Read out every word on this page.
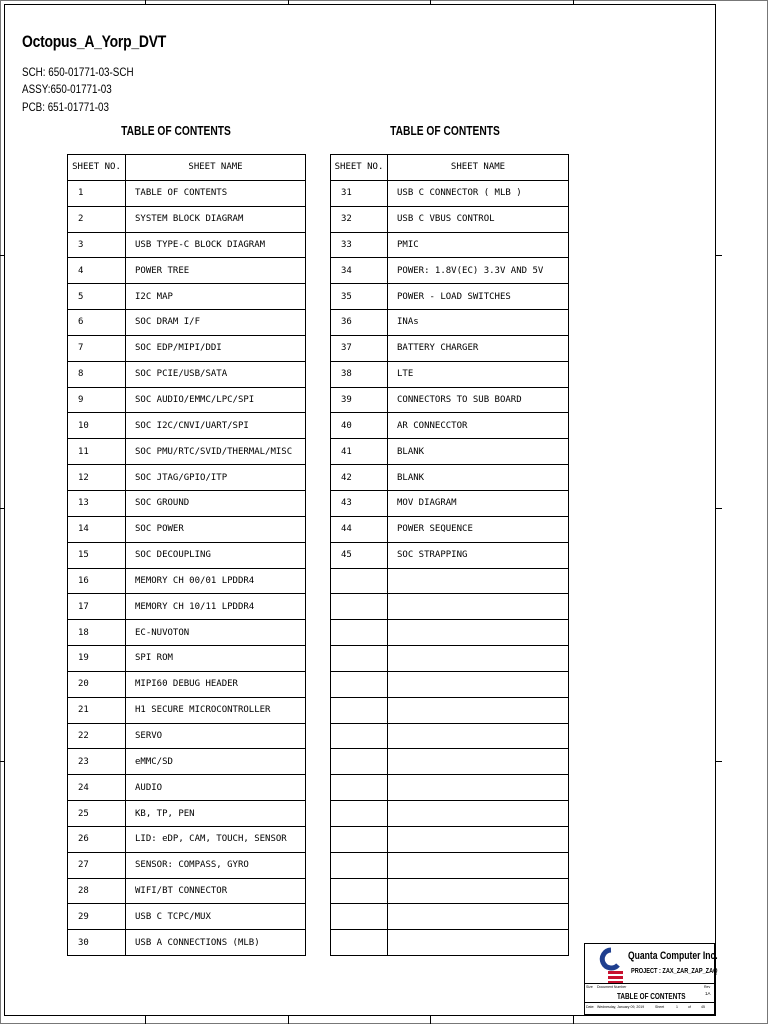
Octopus_A_Yorp_DVT
SCH: 650-01771-03-SCH
ASSY:650-01771-03
PCB: 651-01771-03
TABLE OF CONTENTS	TABLE OF CONTENTS
SHEET NO.	SHEET NAME
1	TABLE OF CONTENTS
2	SYSTEM BLOCK DIAGRAM
3	USB TYPE-C BLOCK DIAGRAM
4	POWER TREE
5	I2C MAP
6	SOC DRAM I/F
7	SOC EDP/MIPI/DDI
8	SOC PCIE/USB/SATA
9	SOC AUDIO/EMMC/LPC/SPI
10	SOC I2C/CNVI/UART/SPI
11	SOC PMU/RTC/SVID/THERMAL/MISC
12	SOC JTAG/GPIO/ITP
13	SOC GROUND
14	SOC POWER
15	SOC DECOUPLING
16	MEMORY CH 00/01 LPDDR4
17	MEMORY CH 10/11 LPDDR4
18	EC-NUVOTON
19	SPI ROM
20	MIPI60 DEBUG HEADER
21	H1 SECURE MICROCONTROLLER
22	SERVO
23	eMMC/SD
24	AUDIO
25	KB, TP, PEN
26	LID: eDP, CAM, TOUCH, SENSOR
27	SENSOR: COMPASS, GYRO
28	WIFI/BT CONNECTOR
29	USB C TCPC/MUX
30	USB A CONNECTIONS (MLB)
SHEET NO.	SHEET NAME
31	USB C CONNECTOR ( MLB )
32	USB C VBUS CONTROL
33	PMIC
34	POWER: 1.8V(EC) 3.3V AND 5V
35	POWER - LOAD SWITCHES
36	INAs
37	BATTERY CHARGER
38	LTE
39	CONNECTORS TO SUB BOARD
40	AR CONNECCTOR
41	BLANK
42	BLANK
43	MOV DIAGRAM
44	POWER SEQUENCE
45	SOC STRAPPING

Quanta Computer Inc.
PROJECT : ZAX_ZAR_ZAP_ZAQ
Size Document Number	Rev
1A
TABLE OF CONTENTS
Date: Wednesday, January 09, 2019	Sheet	1	of	45
